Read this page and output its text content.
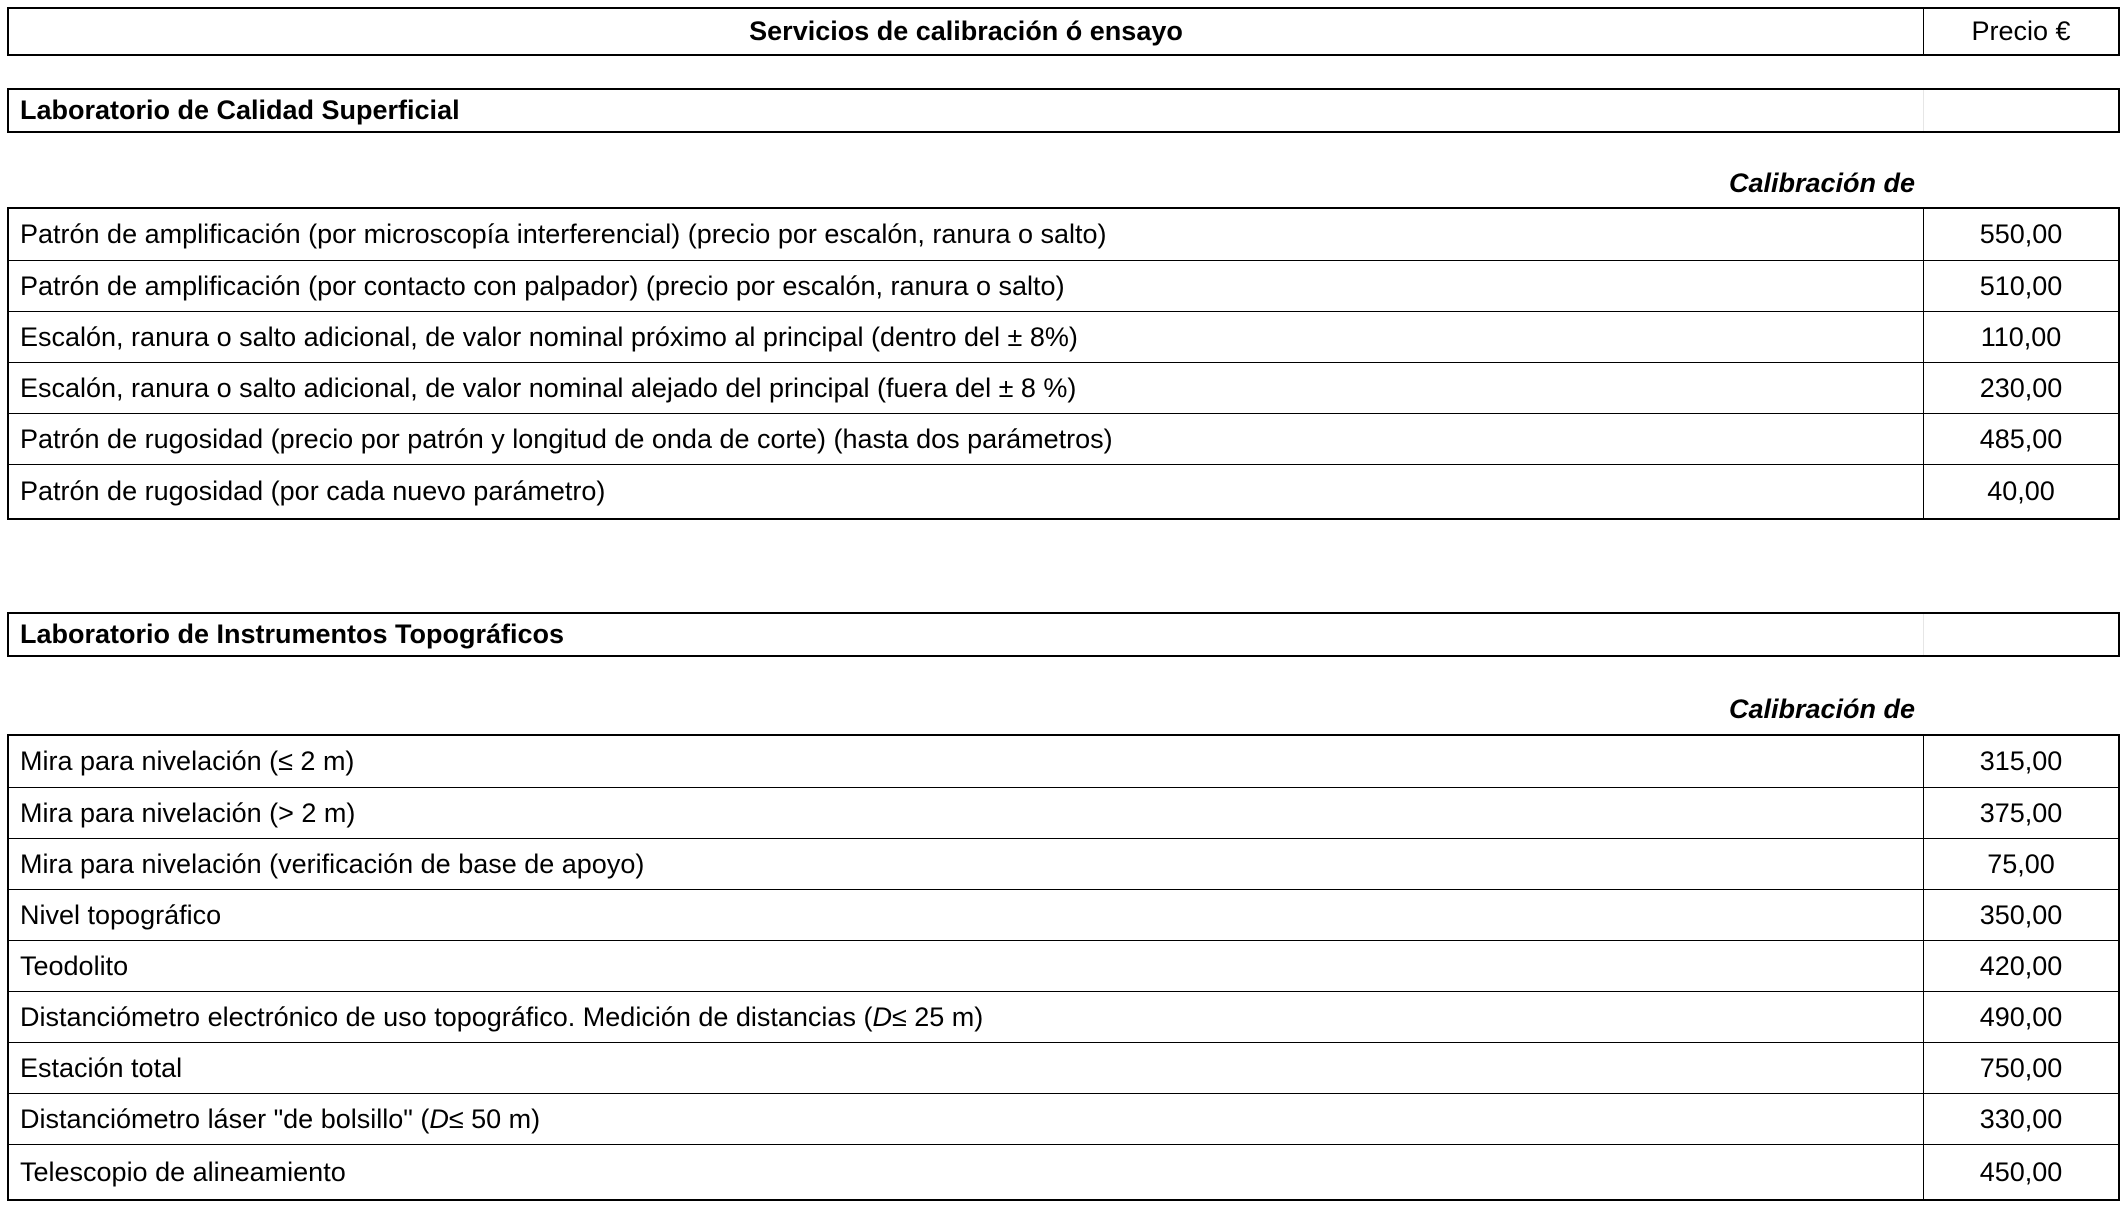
Servicios de calibración ó ensayo	Precio €
Laboratorio de Calidad Superficial
Calibración de
Patrón de amplificación (por microscopía interferencial) (precio por escalón, ranura o salto)	550,00
Patrón de amplificación (por contacto con palpador) (precio por escalón, ranura o salto)	510,00
Escalón, ranura o salto adicional, de valor nominal próximo al principal (dentro del ± 8%)	110,00
Escalón, ranura o salto adicional, de valor nominal alejado del principal (fuera del ± 8 %)	230,00
Patrón de rugosidad (precio por patrón y longitud de onda de corte) (hasta dos parámetros)	485,00
Patrón de rugosidad (por cada nuevo parámetro)	40,00
Laboratorio de Instrumentos Topográficos
Calibración de
Mira para nivelación (≤ 2 m)	315,00
Mira para nivelación (> 2 m)	375,00
Mira para nivelación (verificación de base de apoyo)	75,00
Nivel topográfico	350,00
Teodolito	420,00
Distanciómetro electrónico de uso topográfico. Medición de distancias ( D ≤ 25 m)	490,00
Estación total	750,00
Distanciómetro láser "de bolsillo" ( D ≤ 50 m)	330,00
Telescopio de alineamiento	450,00
